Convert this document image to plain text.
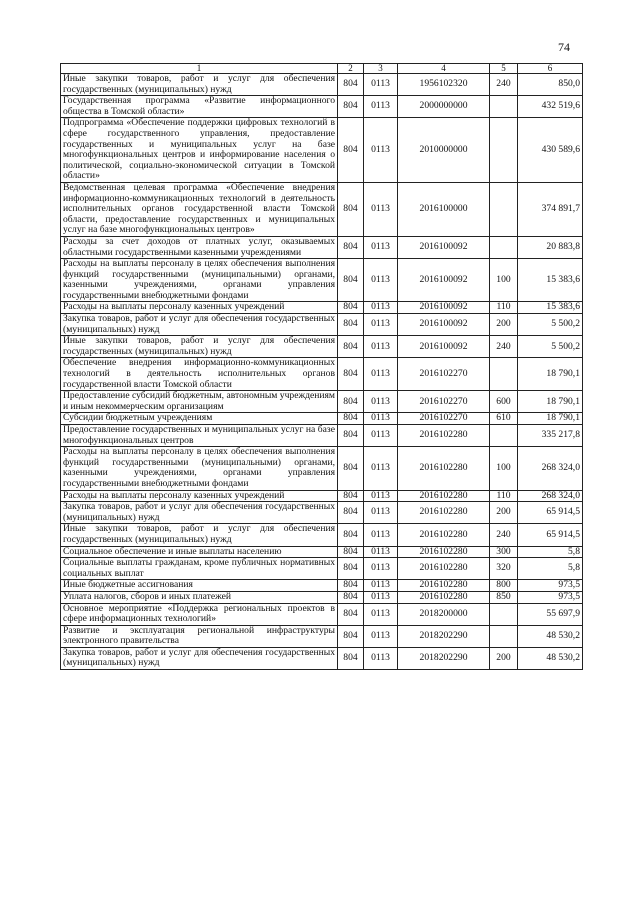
74
1	2	3	4	5	6
Иные закупки товаров, работ и услуг для обеспечения государственных (муниципальных) нужд	804	0113	1956102320	240	850,0
Государственная программа «Развитие информационного общества в Томской области»	804	0113	2000000000		432 519,6
Подпрограмма «Обеспечение поддержки цифровых технологий в сфере государственного управления, предоставление государственных и муниципальных услуг на базе многофункциональных центров и информирование населения о политической, социально-экономической ситуации в Томской области»	804	0113	2010000000		430 589,6
Ведомственная целевая программа «Обеспечение внедрения информационно-коммуникационных технологий в деятельность исполнительных органов государственной власти Томской области, предоставление государственных и муниципальных услуг на базе многофункциональных центров»	804	0113	2016100000		374 891,7
Расходы за счет доходов от платных услуг, оказываемых областными государственными казенными учреждениями	804	0113	2016100092		20 883,8
Расходы на выплаты персоналу в целях обеспечения выполнения функций государственными (муниципальными) органами, казенными учреждениями, органами управления государственными внебюджетными фондами	804	0113	2016100092	100	15 383,6
Расходы на выплаты персоналу казенных учреждений	804	0113	2016100092	110	15 383,6
Закупка товаров, работ и услуг для обеспечения государственных (муниципальных) нужд	804	0113	2016100092	200	5 500,2
Иные закупки товаров, работ и услуг для обеспечения государственных (муниципальных) нужд	804	0113	2016100092	240	5 500,2
Обеспечение внедрения информационно-коммуникационных технологий в деятельность исполнительных органов государственной власти Томской области	804	0113	2016102270		18 790,1
Предоставление субсидий бюджетным, автономным учреждениям и иным некоммерческим организациям	804	0113	2016102270	600	18 790,1
Субсидии бюджетным учреждениям	804	0113	2016102270	610	18 790,1
Предоставление государственных и муниципальных услуг на базе многофункциональных центров	804	0113	2016102280		335 217,8
Расходы на выплаты персоналу в целях обеспечения выполнения функций государственными (муниципальными) органами, казенными учреждениями, органами управления государственными внебюджетными фондами	804	0113	2016102280	100	268 324,0
Расходы на выплаты персоналу казенных учреждений	804	0113	2016102280	110	268 324,0
Закупка товаров, работ и услуг для обеспечения государственных (муниципальных) нужд	804	0113	2016102280	200	65 914,5
Иные закупки товаров, работ и услуг для обеспечения государственных (муниципальных) нужд	804	0113	2016102280	240	65 914,5
Социальное обеспечение и иные выплаты населению	804	0113	2016102280	300	5,8
Социальные выплаты гражданам, кроме публичных нормативных социальных выплат	804	0113	2016102280	320	5,8
Иные бюджетные ассигнования	804	0113	2016102280	800	973,5
Уплата налогов, сборов и иных платежей	804	0113	2016102280	850	973,5
Основное мероприятие «Поддержка региональных проектов в сфере информационных технологий»	804	0113	2018200000		55 697,9
Развитие и эксплуатация региональной инфраструктуры электронного правительства	804	0113	2018202290		48 530,2
Закупка товаров, работ и услуг для обеспечения государственных (муниципальных) нужд	804	0113	2018202290	200	48 530,2
